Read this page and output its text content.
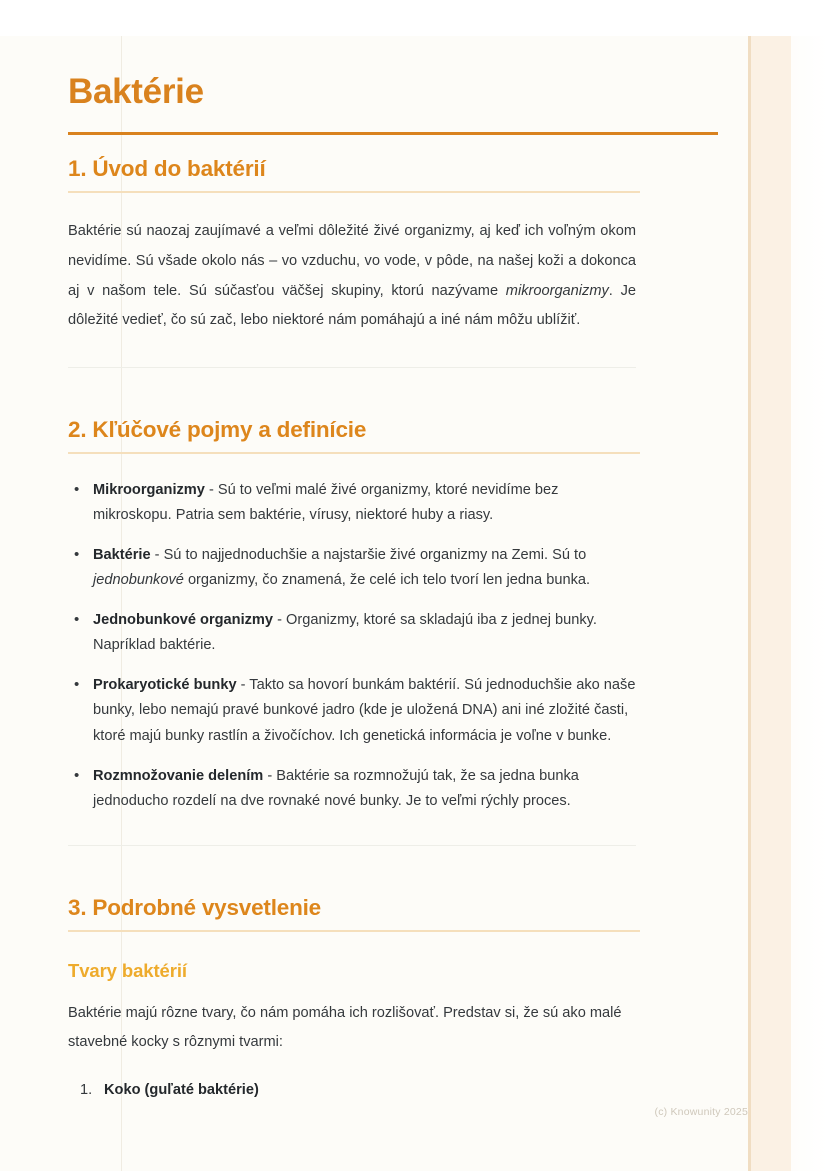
Baktérie
1. Úvod do baktérií

Baktérie sú naozaj zaujímavé a veľmi dôležité živé organizmy, aj keď ich voľným okom nevidíme. Sú všade okolo nás – vo vzduchu, vo vode, v pôde, na našej koži a dokonca aj v našom tele. Sú súčasťou väčšej skupiny, ktorú nazývame mikroorganizmy. Je dôležité vedieť, čo sú zač, lebo niektoré nám pomáhajú a iné nám môžu ublížiť.

2. Kľúčové pojmy a definície
• Mikroorganizmy - Sú to veľmi malé živé organizmy, ktoré nevidíme bez mikroskopu. Patria sem baktérie, vírusy, niektoré huby a riasy.
• Baktérie - Sú to najjednoduchšie a najstaršie živé organizmy na Zemi. Sú to jednobunkové organizmy, čo znamená, že celé ich telo tvorí len jedna bunka.
• Jednobunkové organizmy - Organizmy, ktoré sa skladajú iba z jednej bunky. Napríklad baktérie.
• Prokaryotické bunky - Takto sa hovorí bunkám baktérií. Sú jednoduchšie ako naše bunky, lebo nemajú pravé bunkové jadro (kde je uložená DNA) ani iné zložité časti, ktoré majú bunky rastlín a živočíchov. Ich genetická informácia je voľne v bunke.
• Rozmnožovanie delením - Baktérie sa rozmnožujú tak, že sa jedna bunka jednoducho rozdelí na dve rovnaké nové bunky. Je to veľmi rýchly proces.
3. Podrobné vysvetlenie
Tvary baktérií

Baktérie majú rôzne tvary, čo nám pomáha ich rozlišovať. Predstav si, že sú ako malé stavebné kocky s rôznymi tvarmi:

Koko (guľaté baktérie)
(c) Knowunity 2025
